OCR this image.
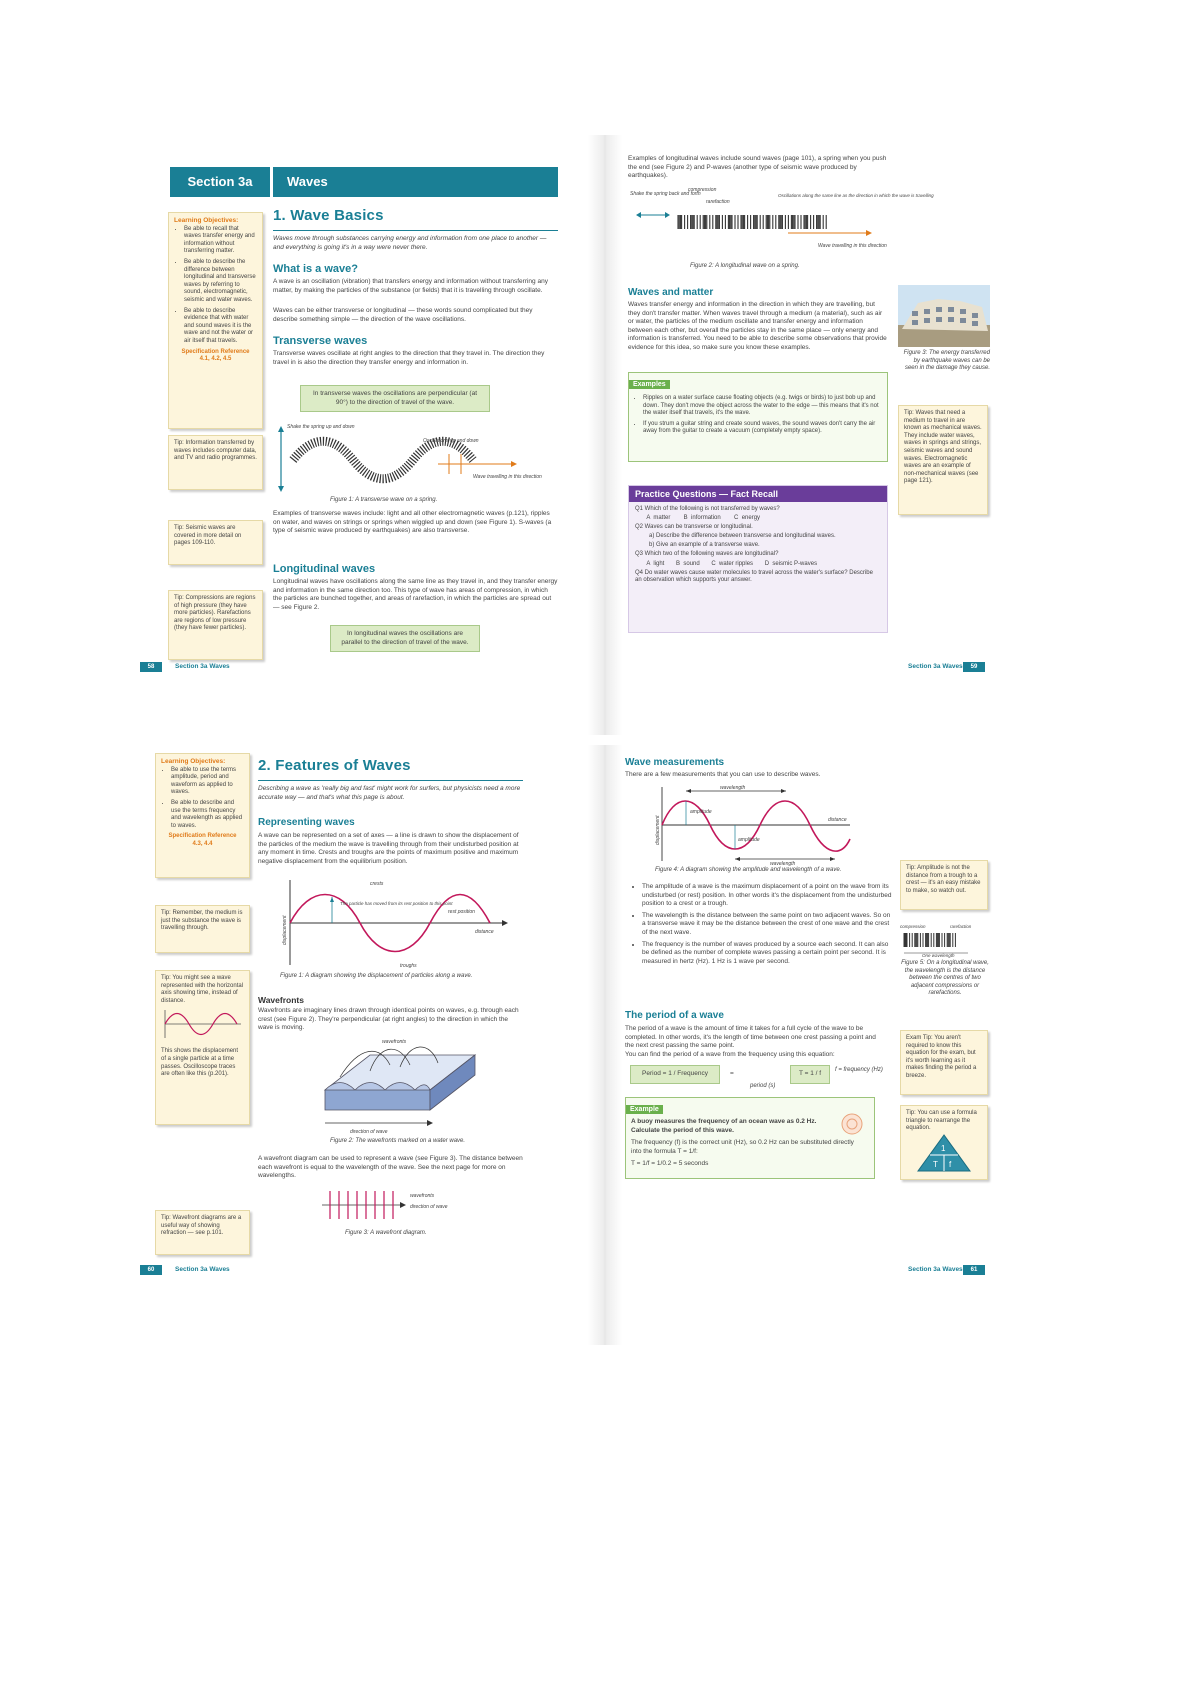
Section 3a	Waves
Learning Objectives:
• Be able to recall that waves transfer energy and information without transferring matter.
• Be able to describe the difference between longitudinal and transverse waves by referring to sound, electromagnetic, seismic and water waves.
• Be able to describe evidence that with water and sound waves it is the wave and not the water or air itself that travels.
Specification Reference
4.1, 4.2, 4.5
Tip: Information transferred by waves includes computer data, and TV and radio programmes.
Tip: Seismic waves are covered in more detail on pages 109-110.
Tip: Compressions are regions of high pressure (they have more particles). Rarefactions are regions of low pressure (they have fewer particles).
1. Wave Basics
Waves move through substances carrying energy and information from one place to another — and everything is going it's in a way were never there.
What is a wave?
A wave is an oscillation (vibration) that transfers energy and information without transferring any matter, by making the particles of the substance (or fields) that it is travelling through oscillate.
Waves can be either transverse or longitudinal — these words sound complicated but they describe something simple — the direction of the wave oscillations.
Transverse waves
Transverse waves oscillate at right angles to the direction that they travel in. The direction they travel in is also the direction they transfer energy and information in.
In transverse waves the oscillations are perpendicular (at 90°) to the direction of travel of the wave.
Shake the spring up and down
Oscillations up and down
Wave travelling in this direction
Figure 1: A transverse wave on a spring.
Examples of transverse waves include: light and all other electromagnetic waves (p.121), ripples on water, and waves on strings or springs when wiggled up and down (see Figure 1). S-waves (a type of seismic wave produced by earthquakes) are also transverse.
Longitudinal waves
Longitudinal waves have oscillations along the same line as they travel in, and they transfer energy and information in the same direction too. This type of wave has areas of compression, in which the particles are bunched together, and areas of rarefaction, in which the particles are spread out — see Figure 2.
In longitudinal waves the oscillations are parallel to the direction of travel of the wave.
58	Section 3a Waves
Examples of longitudinal waves include sound waves (page 101), a spring when you push the end (see Figure 2) and P-waves (another type of seismic wave produced by earthquakes).
Shake the spring back and forth
compression
rarefaction
Oscillations along the same line as the direction in which the wave is travelling
Wave travelling in this direction
Figure 2: A longitudinal wave on a spring.
Waves and matter
Waves transfer energy and information in the direction in which they are travelling, but they don't transfer matter. When waves travel through a medium (a material), such as air or water, the particles of the medium oscillate and transfer energy and information between each other, but overall the particles stay in the same place — only energy and information is transferred. You need to be able to describe some observations that provide evidence for this idea, so make sure you know these examples.
Examples
• Ripples on a water surface cause floating objects (e.g. twigs or birds) to just bob up and down. They don't move the object across the water to the edge — this means that it's not the water itself that travels, it's the wave.
• If you strum a guitar string and create sound waves, the sound waves don't carry the air away from the guitar to create a vacuum (completely empty space).
Practice Questions — Fact Recall
Q1 Which of the following is not transferred by waves?
A  matter        B  information        C  energy
Q2 Waves can be transverse or longitudinal.
a) Describe the difference between transverse and longitudinal waves.
b) Give an example of a transverse wave.
Q3 Which two of the following waves are longitudinal?
A  light       B  sound       C  water ripples       D  seismic P-waves
Q4 Do water waves cause water molecules to travel across the water's surface? Describe an observation which supports your answer.
Figure 3: The energy transferred by earthquake waves can be seen in the damage they cause.
Tip: Waves that need a medium to travel in are known as mechanical waves. They include water waves, waves in springs and strings, seismic waves and sound waves. Electromagnetic waves are an example of non-mechanical waves (see page 121).
Section 3a Waves	59
Learning Objectives:
• Be able to use the terms amplitude, period and waveform as applied to waves.
• Be able to describe and use the terms frequency and wavelength as applied to waves.
Specification Reference
4.3, 4.4
Tip: Remember, the medium is just the substance the wave is travelling through.
Tip: You might see a wave represented with the horizontal axis showing time, instead of distance.
This shows the displacement of a single particle at a time passes. Oscilloscope traces are often like this (p.201).
Tip: Wavefront diagrams are a useful way of showing refraction — see p.101.
2. Features of Waves
Describing a wave as 'really big and fast' might work for surfers, but physicists need a more accurate way — and that's what this page is about.
Representing waves
A wave can be represented on a set of axes — a line is drawn to show the displacement of the particles of the medium the wave is travelling through from their undisturbed position at any moment in time. Crests and troughs are the points of maximum positive and maximum negative displacement from the equilibrium position.
crests
The particle has moved from its rest position to this point
rest position
distance
troughs
displacement
Figure 1: A diagram showing the displacement of particles along a wave.
Wavefronts
Wavefronts are imaginary lines drawn through identical points on waves, e.g. through each crest (see Figure 2). They're perpendicular (at right angles) to the direction in which the wave is moving.
wavefronts
direction of wave
Figure 2: The wavefronts marked on a water wave.
A wavefront diagram can be used to represent a wave (see Figure 3). The distance between each wavefront is equal to the wavelength of the wave. See the next page for more on wavelengths.
wavefronts
direction of wave
Figure 3: A wavefront diagram.
60	Section 3a Waves
Wave measurements
There are a few measurements that you can use to describe waves.
wavelength
amplitude
amplitude
wavelength
distance
displacement
Figure 4: A diagram showing the amplitude and wavelength of a wave.
• The amplitude of a wave is the maximum displacement of a point on the wave from its undisturbed (or rest) position. In other words it's the displacement from the undisturbed position to a crest or a trough.
• The wavelength is the distance between the same point on two adjacent waves. So on a transverse wave it may be the distance between the crest of one wave and the crest of the next wave.
• The frequency is the number of waves produced by a source each second. It can also be defined as the number of complete waves passing a certain point per second. It is measured in hertz (Hz). 1 Hz is 1 wave per second.
The period of a wave
The period of a wave is the amount of time it takes for a full cycle of the wave to be completed. In other words, it's the length of time between one crest passing a point and the next crest passing the same point.
You can find the period of a wave from the frequency using this equation:
Period = 1 / Frequency	=	T = 1 / f
period (s)
f = frequency (Hz)
Example
A buoy measures the frequency of an ocean wave as 0.2 Hz. Calculate the period of this wave.
The frequency (f) is the correct unit (Hz), so 0.2 Hz can be substituted directly into the formula T = 1/f:
T = 1/f = 1/0.2 = 5 seconds
Tip: Amplitude is not the distance from a trough to a crest — it's an easy mistake to make, so watch out.
compression	rarefaction
One wavelength
Figure 5: On a longitudinal wave, the wavelength is the distance between the centres of two adjacent compressions or rarefactions.
Exam Tip: You aren't required to know this equation for the exam, but it's worth learning as it makes finding the period a breeze.
Tip: You can use a formula triangle to rearrange the equation.
1
T f
Section 3a Waves	61
